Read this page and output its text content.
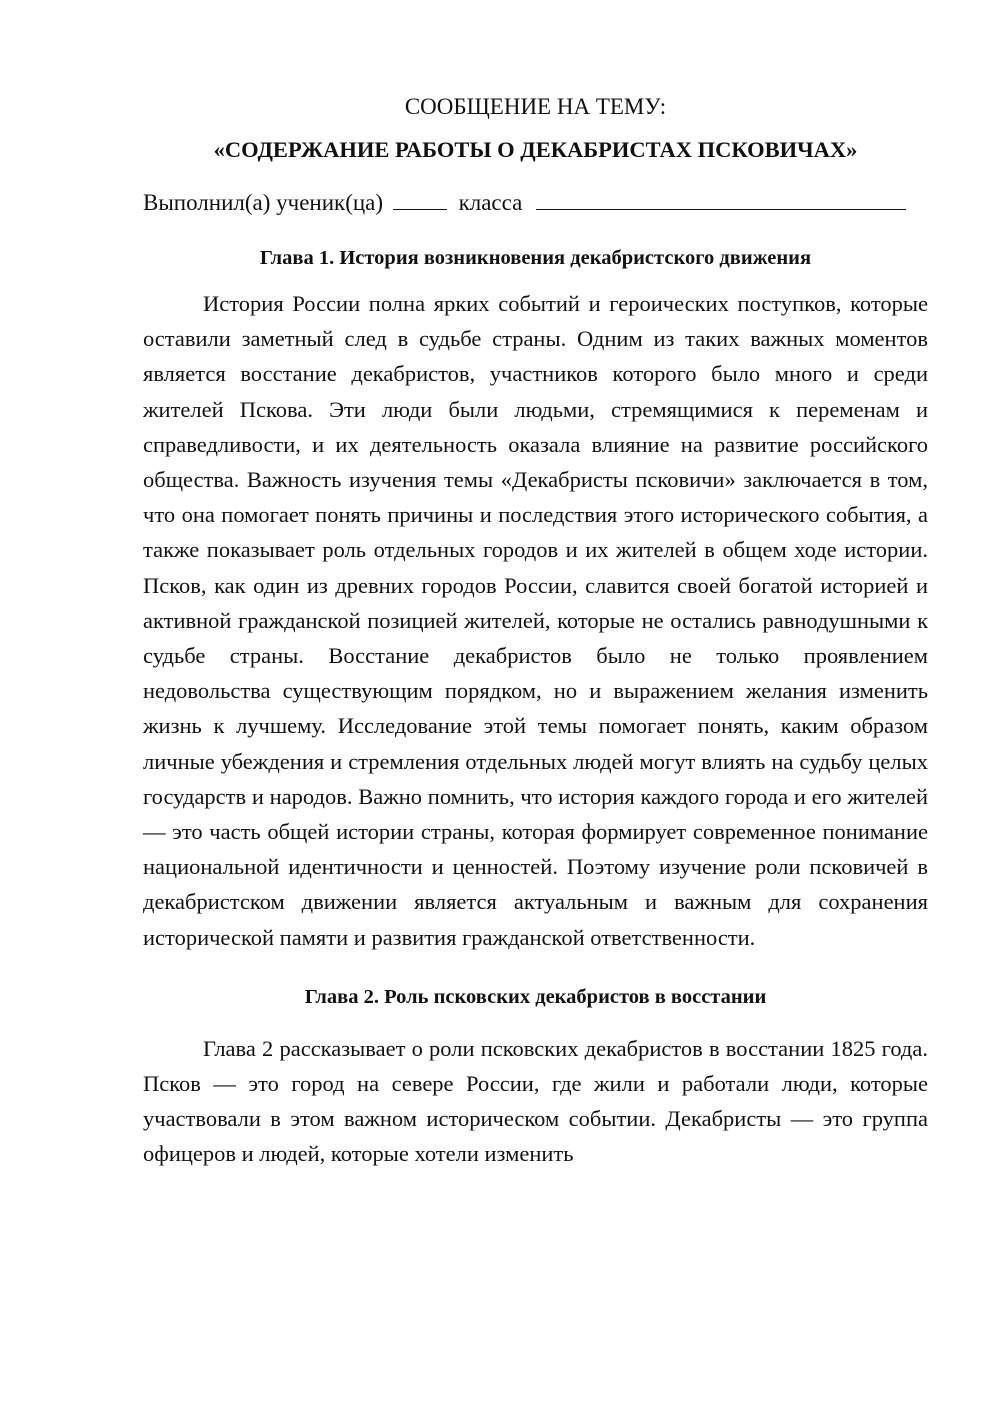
СООБЩЕНИЕ НА ТЕМУ:

«СОДЕРЖАНИЕ РАБОТЫ О ДЕКАБРИСТАХ ПСКОВИЧАХ»

Выполнил(а) ученик(ца)	класса
Глава 1. История возникновения декабристского движения

История России полна ярких событий и героических поступков, которые оставили заметный след в судьбе страны. Одним из таких важных моментов является восстание декабристов, участников которого было много и среди жителей Пскова. Эти люди были людьми, стремящимися к переменам и справедливости, и их деятельность оказала влияние на развитие российского общества. Важность изучения темы «Декабристы псковичи» заключается в том, что она помогает понять причины и последствия этого исторического события, а также показывает роль отдельных городов и их жителей в общем ходе истории. Псков, как один из древних городов России, славится своей богатой историей и активной гражданской позицией жителей, которые не остались равнодушными к судьбе страны. Восстание декабристов было не только проявлением недовольства существующим порядком, но и выражением желания изменить жизнь к лучшему. Исследование этой темы помогает понять, каким образом личные убеждения и стремления отдельных людей могут влиять на судьбу целых государств и народов. Важно помнить, что история каждого города и его жителей — это часть общей истории страны, которая формирует современное понимание национальной идентичности и ценностей. Поэтому изучение роли псковичей в декабристском движении является актуальным и важным для сохранения исторической памяти и развития гражданской ответственности.

Глава 2. Роль псковских декабристов в восстании

Глава 2 рассказывает о роли псковских декабристов в восстании 1825 года. Псков — это город на севере России, где жили и работали люди, которые участвовали в этом важном историческом событии. Декабристы — это группа офицеров и людей, которые хотели изменить
